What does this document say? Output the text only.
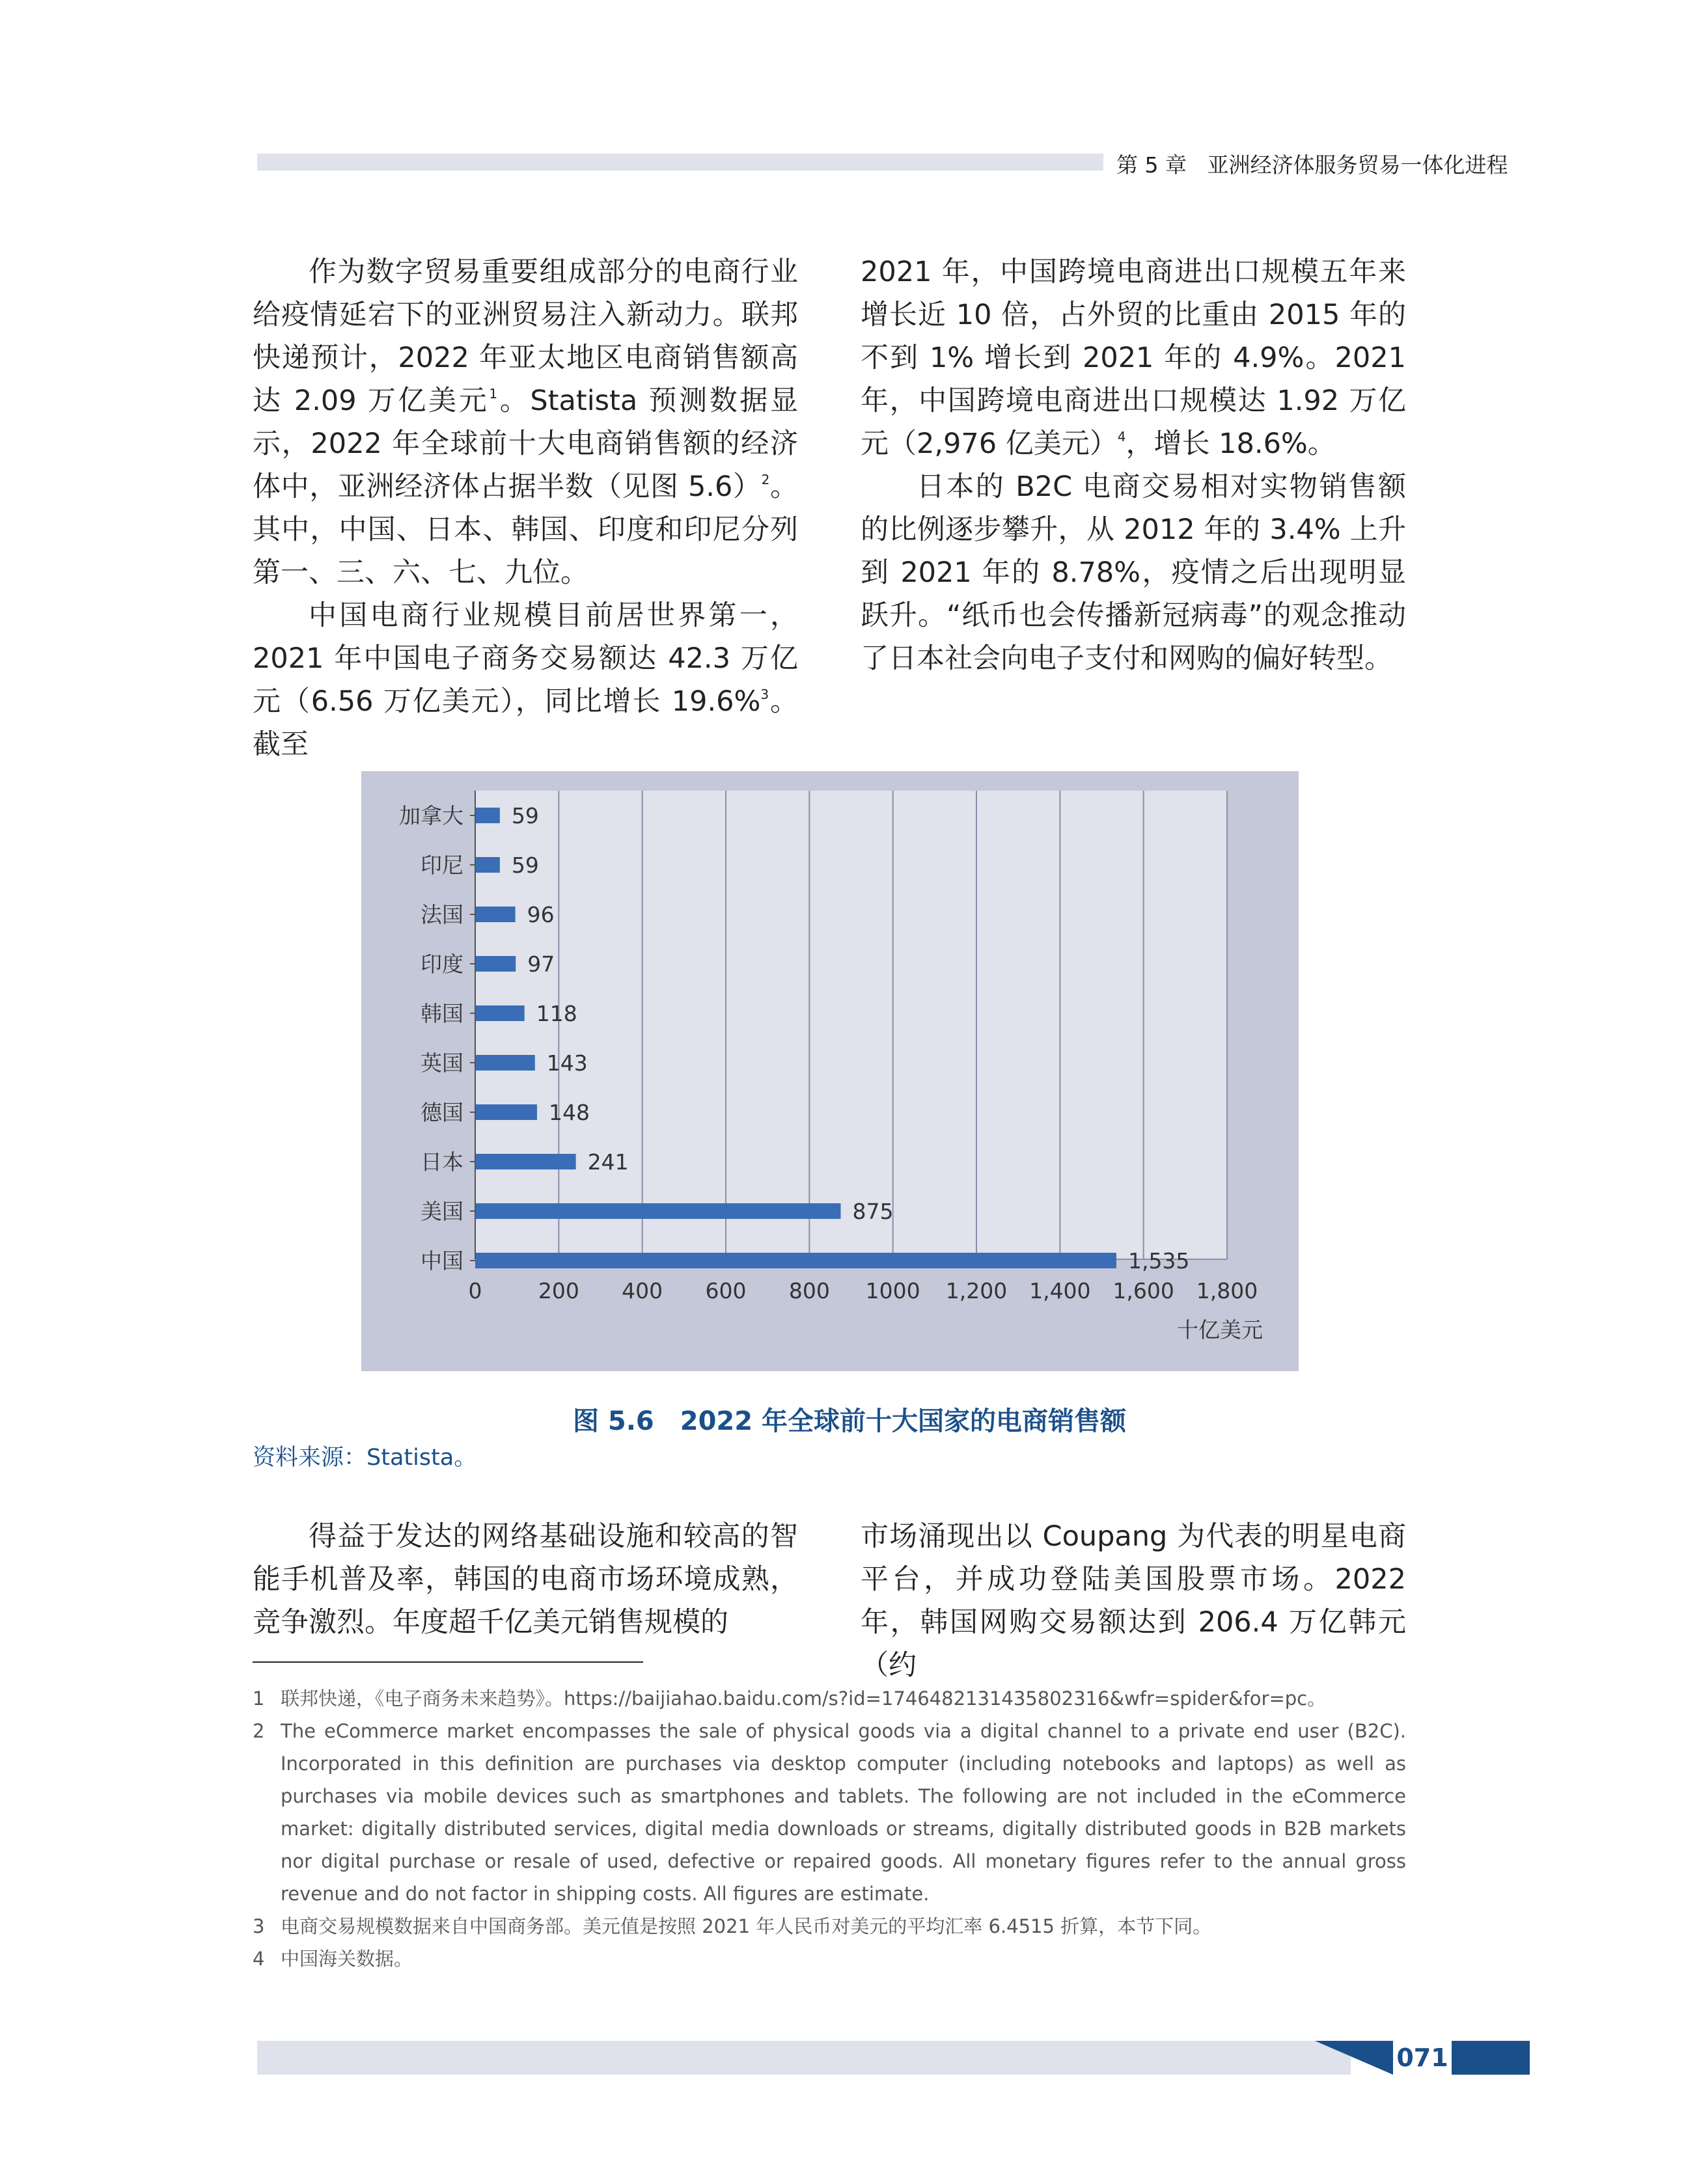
第 5 章 亚洲经济体服务贸易一体化进程

作为数字贸易重要组成部分的电商行业给疫情延宕下的亚洲贸易注入新动力。联邦快递预计，2022 年亚太地区电商销售额高达 2.09 万亿美元$^1$。Statista 预测数据显示，2022 年全球前十大电商销售额的经济体中，亚洲经济体占据半数（见图 5.6）$^2$。其中，中国、日本、韩国、印度和印尼分列第一、三、六、七、九位。

中国电商行业规模目前居世界第一，2021 年中国电子商务交易额达 42.3 万亿元（6.56 万亿美元），同比增长 19.6%$^3$。截至

2021 年，中国跨境电商进出口规模五年来增长近 10 倍，占外贸的比重由 2015 年的不到 1% 增长到 2021 年的 4.9%。2021 年，中国跨境电商进出口规模达 1.92 万亿元（2,976 亿美元）$^4$，增长 18.6%。

日本的 B2C 电商交易相对实物销售额的比例逐步攀升，从 2012 年的 3.4% 上升到 2021 年的 8.78%，疫情之后出现明显跃升。“纸币也会传播新冠病毒”的观念推动了日本社会向电子支付和网购的偏好转型。

0	200 400 600 800 1000 1,200 1,400 1,600 1,800
加拿大 59
印尼 59
法国	96
印度	97
韩国	118
英国	143
德国	148
日本	241
美国	875
中国	1,535
十亿美元
图 5.6　2022 年全球前十大国家的电商销售额
资料来源：Statista。

得益于发达的网络基础设施和较高的智能手机普及率，韩国的电商市场环境成熟，竞争激烈。年度超千亿美元销售规模的

市场涌现出以 Coupang 为代表的明星电商平台，并成功登陆美国股票市场。2022 年，韩国网购交易额达到 206.4 万亿韩元（约

1 联邦快递，《电子商务未来趋势》。https://baijiahao.baidu.com/s?id=1746482131435802316&wfr=spider&for=pc。
2 The eCommerce market encompasses the sale of physical goods via a digital channel to a private end user (B2C). Incorporated in this definition are purchases via desktop computer (including notebooks and laptops) as well as purchases via mobile devices such as smartphones and tablets. The following are not included in the eCommerce market: digitally distributed services, digital media downloads or streams, digitally distributed goods in B2B markets nor digital purchase or resale of used, defective or repaired goods. All monetary figures refer to the annual gross revenue and do not factor in shipping costs. All figures are estimate.
3 电商交易规模数据来自中国商务部。美元值是按照 2021 年人民币对美元的平均汇率 6.4515 折算，本节下同。
4 中国海关数据。
071
